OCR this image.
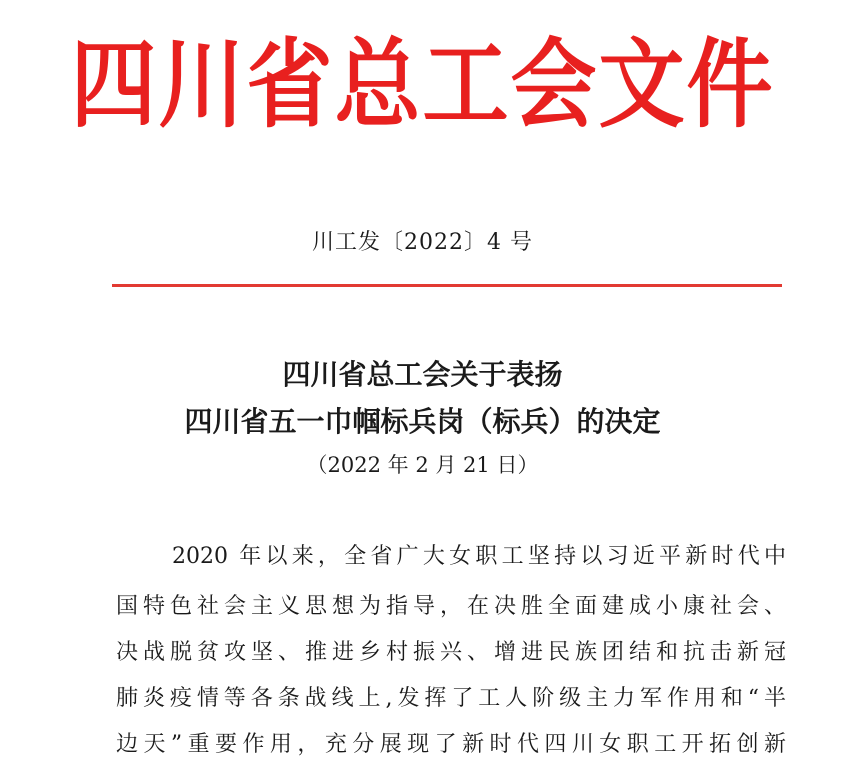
四川省总工会文件
川工发〔2022〕4 号
四川省总工会关于表扬
四川省五一巾帼标兵岗（标兵）的决定
（2022 年 2 月 21 日）
2020 年以来，全省广大女职工坚持以习近平新时代中
国特色社会主义思想为指导，在决胜全面建成小康社会、
决战脱贫攻坚、推进乡村振兴、增进民族团结和抗击新冠
肺炎疫情等各条战线上,发挥了工人阶级主力军作用和“半
边天”重要作用，充分展现了新时代四川女职工开拓创新
